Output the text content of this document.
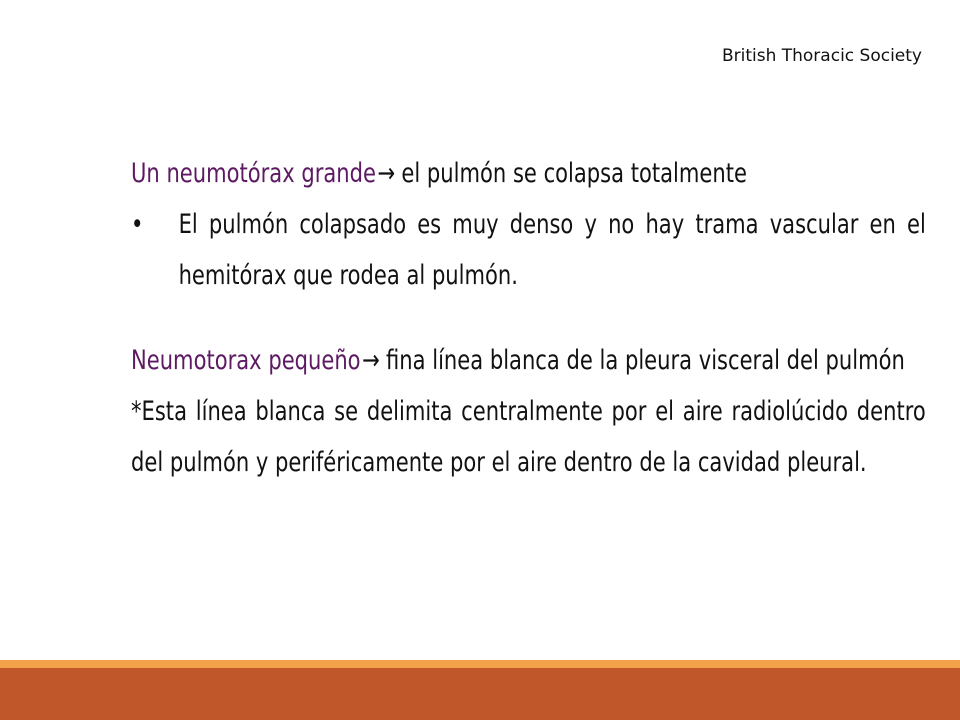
British Thoracic Society

Un neumotórax grande→ el pulmón se colapsa totalmente

•	El pulmón colapsado es muy denso y no hay trama vascular en el hemitórax que rodea al pulmón.

Neumotorax pequeño→ fina línea blanca de la pleura visceral del pulmón

*Esta línea blanca se delimita centralmente por el aire radiolúcido dentro del pulmón y periféricamente por el aire dentro de la cavidad pleural.
